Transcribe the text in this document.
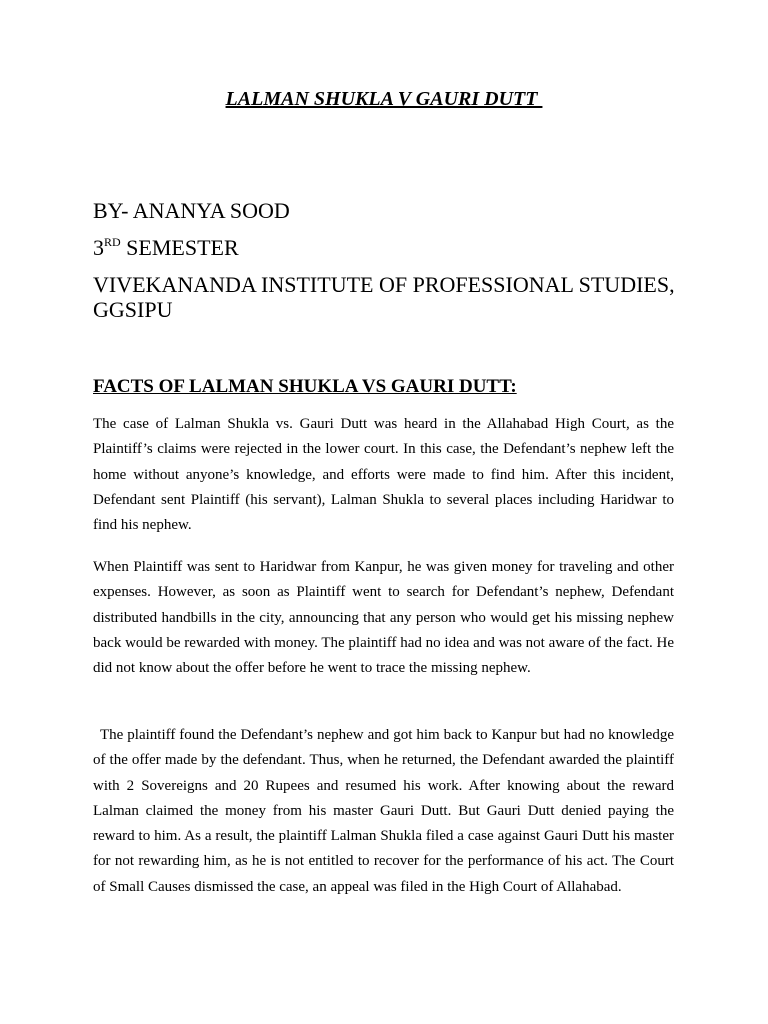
LALMAN SHUKLA V GAURI DUTT

BY- ANANYA SOOD

3RD SEMESTER

VIVEKANANDA INSTITUTE OF PROFESSIONAL STUDIES, GGSIPU

FACTS OF LALMAN SHUKLA VS GAURI DUTT:

The case of Lalman Shukla vs. Gauri Dutt was heard in the Allahabad High Court, as the Plaintiff’s claims were rejected in the lower court. In this case, the Defendant’s nephew left the home without anyone’s knowledge, and efforts were made to find him. After this incident, Defendant sent Plaintiff (his servant), Lalman Shukla to several places including Haridwar to find his nephew.

When Plaintiff was sent to Haridwar from Kanpur, he was given money for traveling and other expenses. However, as soon as Plaintiff went to search for Defendant’s nephew, Defendant distributed handbills in the city, announcing that any person who would get his missing nephew back would be rewarded with money. The plaintiff had no idea and was not aware of the fact. He did not know about the offer before he went to trace the missing nephew.

The plaintiff found the Defendant’s nephew and got him back to Kanpur but had no knowledge of the offer made by the defendant. Thus, when he returned, the Defendant awarded the plaintiff with 2 Sovereigns and 20 Rupees and resumed his work. After knowing about the reward Lalman claimed the money from his master Gauri Dutt. But Gauri Dutt denied paying the reward to him. As a result, the plaintiff Lalman Shukla filed a case against Gauri Dutt his master for not rewarding him, as he is not entitled to recover for the performance of his act. The Court of Small Causes dismissed the case, an appeal was filed in the High Court of Allahabad.
